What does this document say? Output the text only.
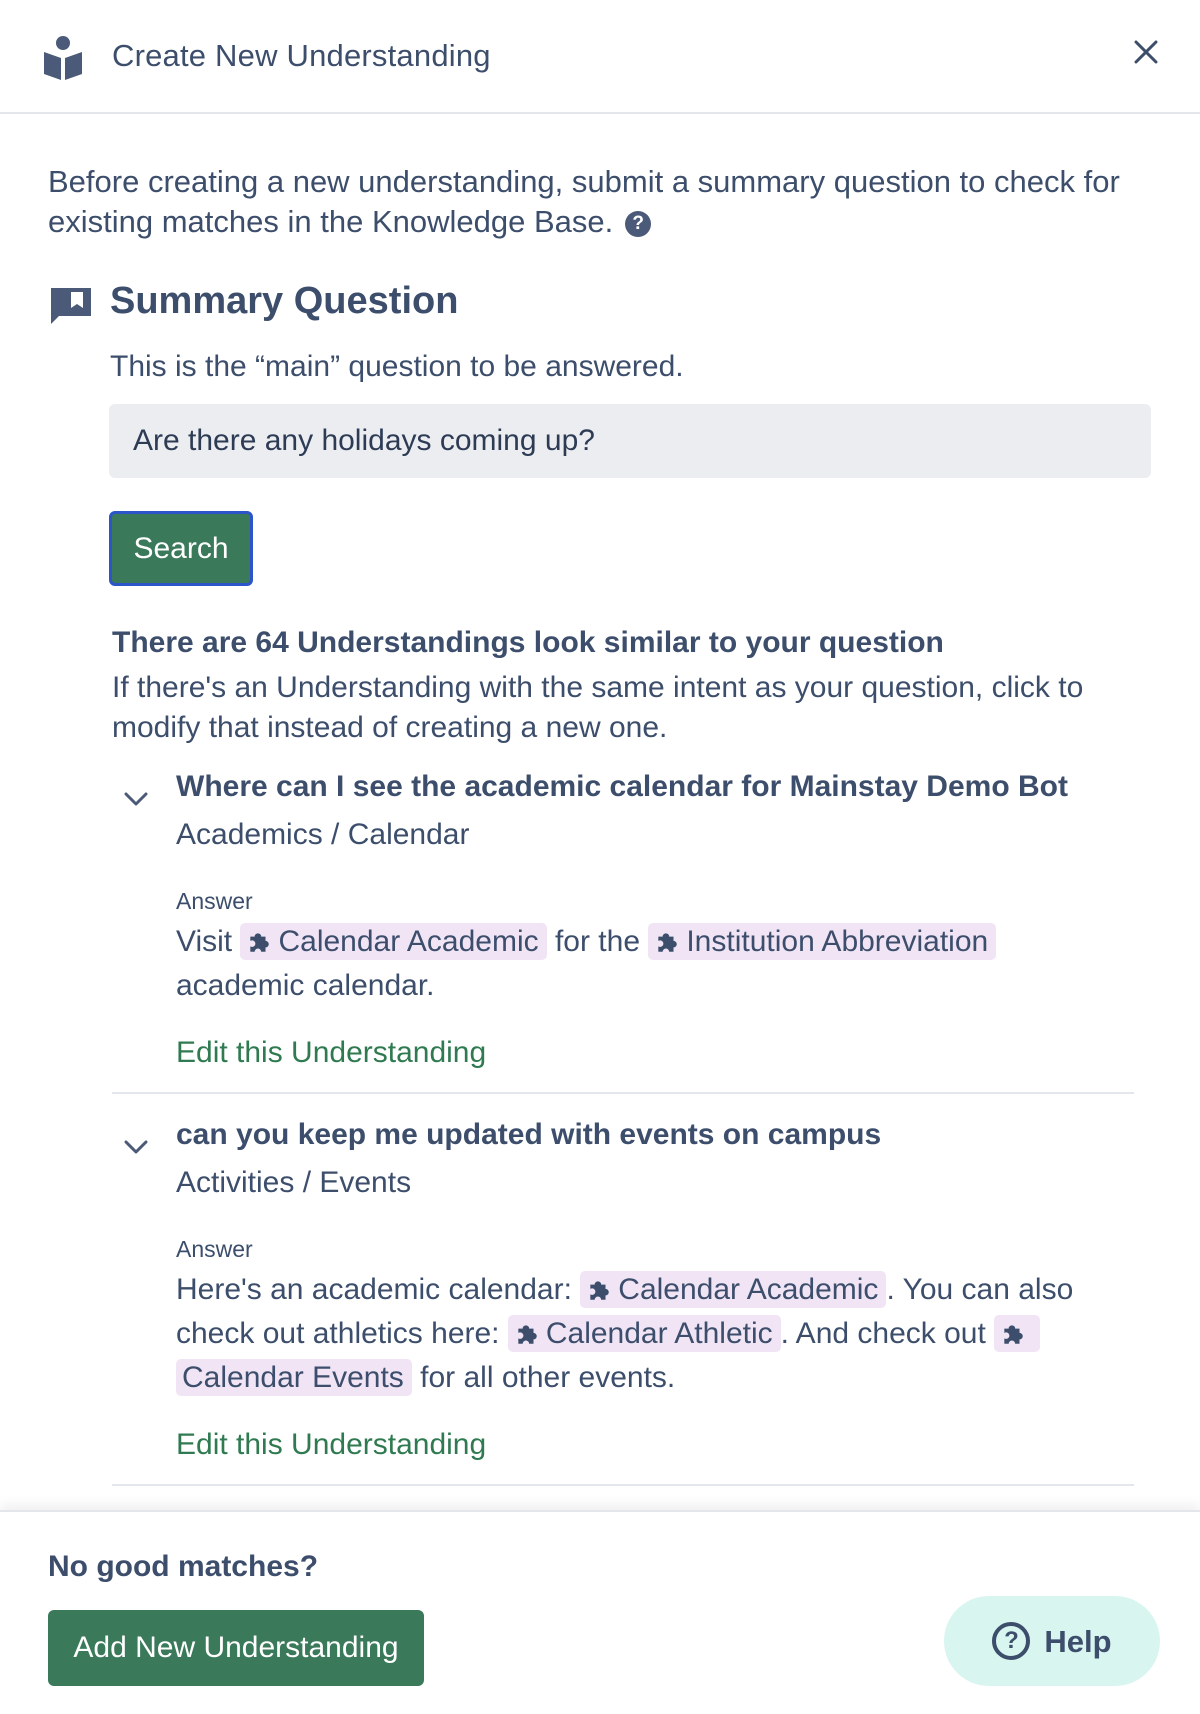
Create New Understanding
Before creating a new understanding, submit a summary question to check for existing matches in the Knowledge Base. ?
Summary Question
This is the “main” question to be answered.
Are there any holidays coming up?
Search
There are 64 Understandings look similar to your question
If there's an Understanding with the same intent as your question, click to modify that instead of creating a new one.
Where can I see the academic calendar for Mainstay Demo Bot
Academics / Calendar
Answer
Visit Calendar Academic for the Institution Abbreviation academic calendar.
Edit this Understanding
can you keep me updated with events on campus
Activities / Events
Answer
Here's an academic calendar: Calendar Academic . You can also check out athletics here: Calendar Athletic . And check out Calendar Events for all other events.
Edit this Understanding
No good matches?
Add New Understanding	? Help
